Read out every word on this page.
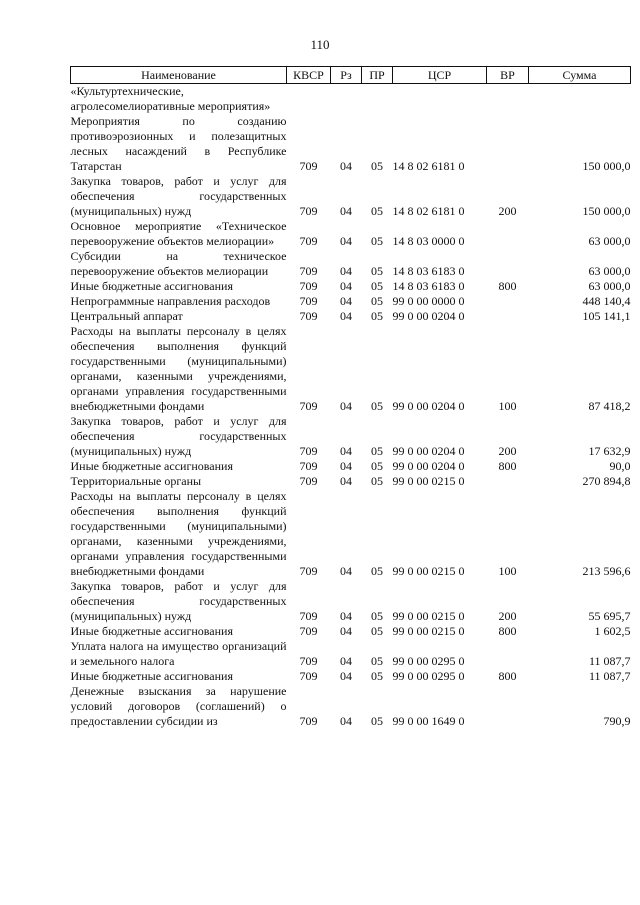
110
Наименование	КВСР	Рз	ПР	ЦСР	ВР	Сумма
«Культуртехнические, агролесомелиоративные мероприятия»						
Мероприятия по созданию противоэрозионных и полезащитных лесных насаждений в Республике Татарстан	709	04	05	14 8 02 6181 0		150 000,0
Закупка товаров, работ и услуг для обеспечения государственных (муниципальных) нужд	709	04	05	14 8 02 6181 0	200	150 000,0
Основное мероприятие «Техническое перевооружение объектов мелиорации»	709	04	05	14 8 03 0000 0		63 000,0
Субсидии на техническое перевооружение объектов мелиорации	709	04	05	14 8 03 6183 0		63 000,0
Иные бюджетные ассигнования	709	04	05	14 8 03 6183 0	800	63 000,0
Непрограммные направления расходов	709	04	05	99 0 00 0000 0		448 140,4
Центральный аппарат	709	04	05	99 0 00 0204 0		105 141,1
Расходы на выплаты персоналу в целях обеспечения выполнения функций государственными (муниципальными) органами, казенными учреждениями, органами управления государственными внебюджетными фондами	709	04	05	99 0 00 0204 0	100	87 418,2
Закупка товаров, работ и услуг для обеспечения государственных (муниципальных) нужд	709	04	05	99 0 00 0204 0	200	17 632,9
Иные бюджетные ассигнования	709	04	05	99 0 00 0204 0	800	90,0
Территориальные органы	709	04	05	99 0 00 0215 0		270 894,8
Расходы на выплаты персоналу в целях обеспечения выполнения функций государственными (муниципальными) органами, казенными учреждениями, органами управления государственными внебюджетными фондами	709	04	05	99 0 00 0215 0	100	213 596,6
Закупка товаров, работ и услуг для обеспечения государственных (муниципальных) нужд	709	04	05	99 0 00 0215 0	200	55 695,7
Иные бюджетные ассигнования	709	04	05	99 0 00 0215 0	800	1 602,5
Уплата налога на имущество организаций и земельного налога	709	04	05	99 0 00 0295 0		11 087,7
Иные бюджетные ассигнования	709	04	05	99 0 00 0295 0	800	11 087,7
Денежные взыскания за нарушение условий договоров (соглашений) о предоставлении субсидии из	709	04	05	99 0 00 1649 0		790,9
